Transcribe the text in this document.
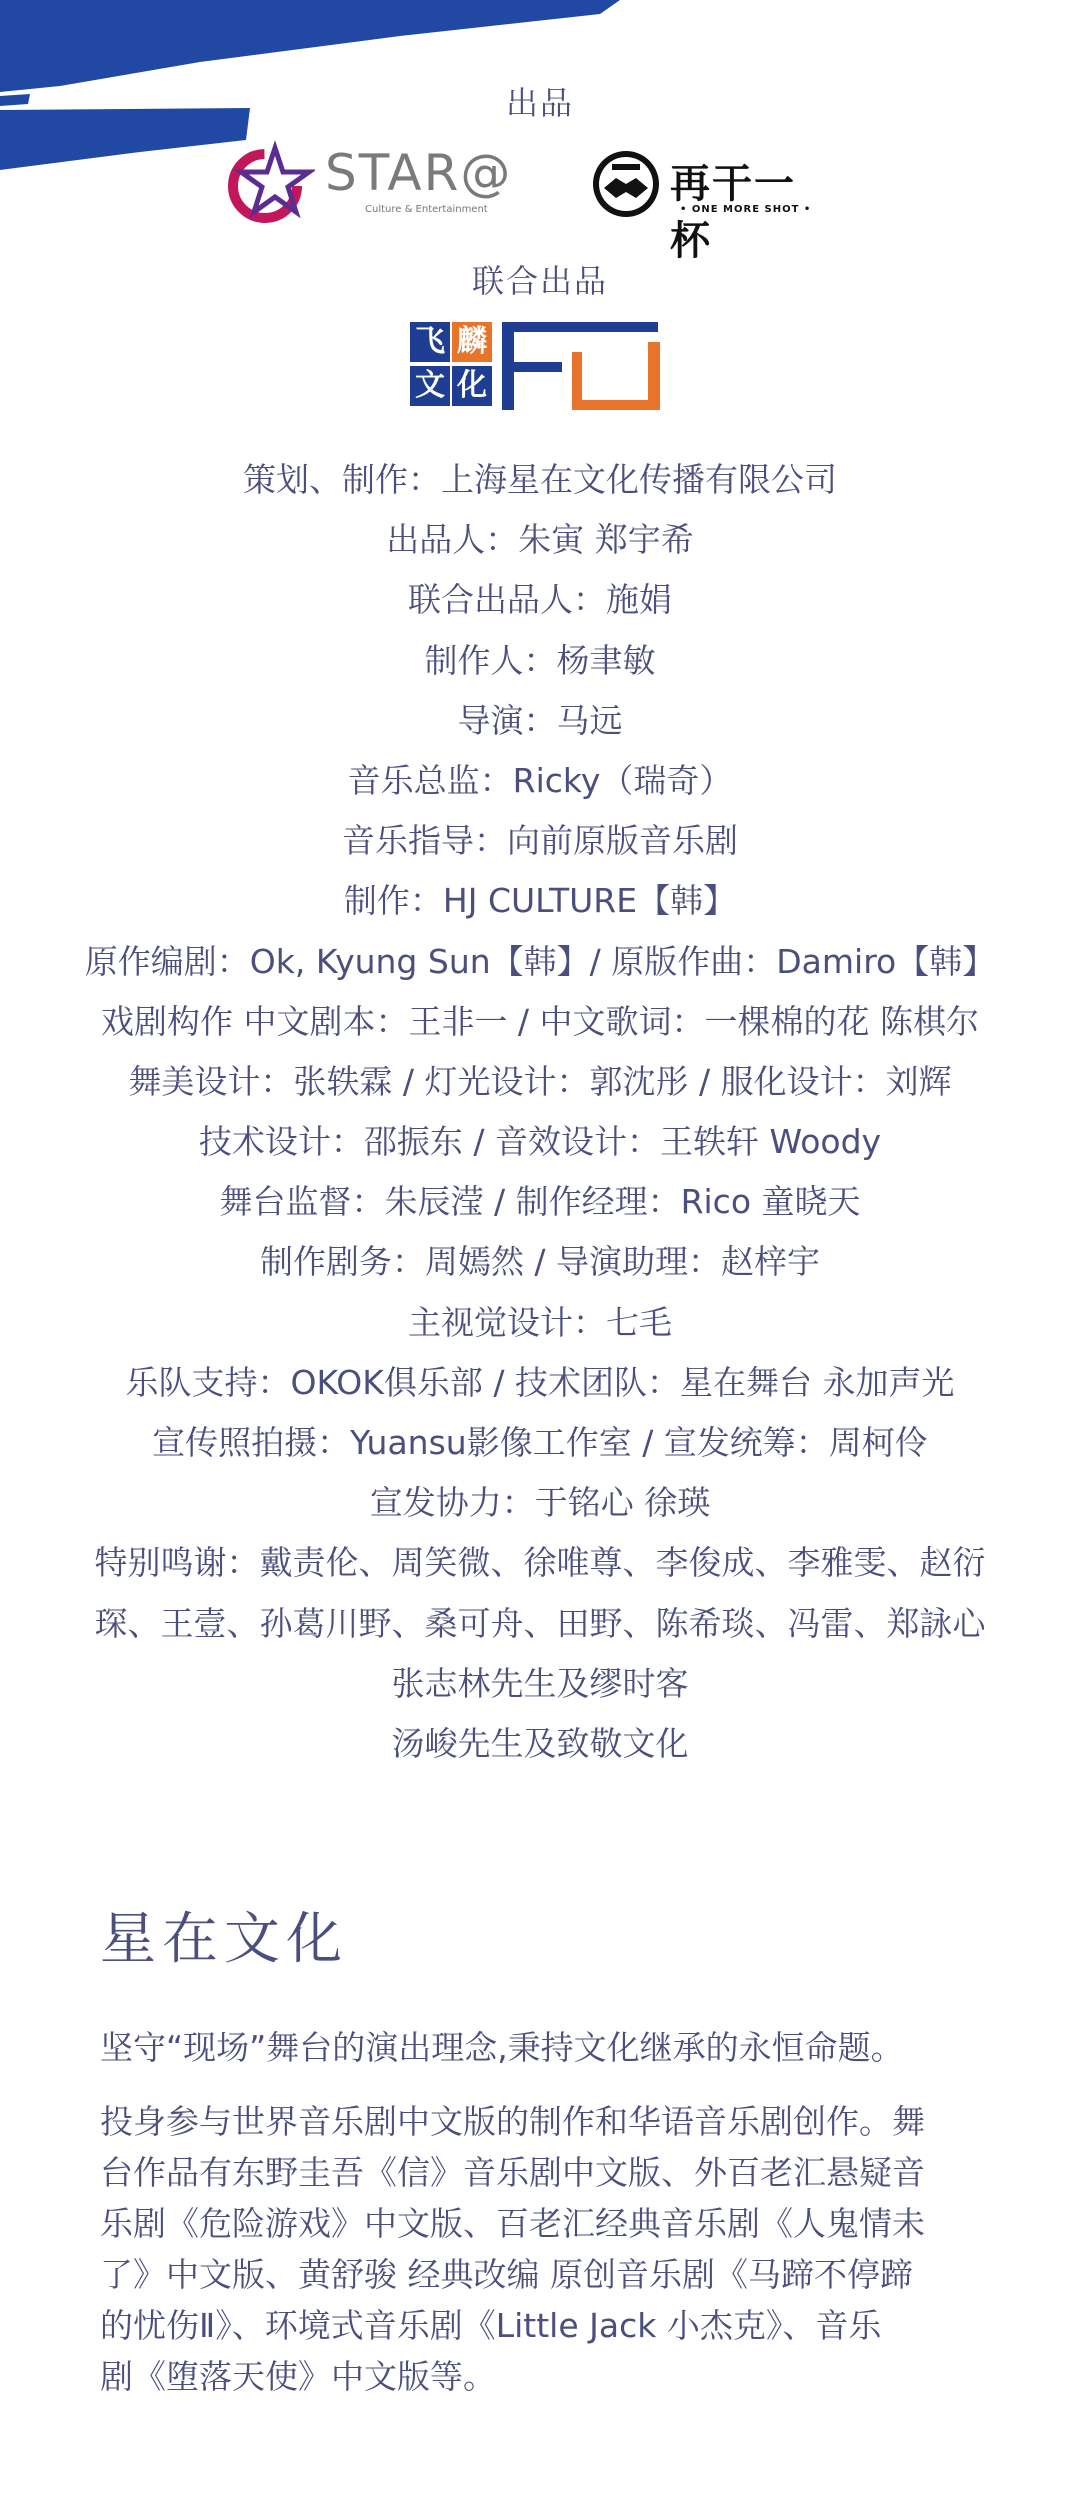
出品
STAR@
Culture & Entertainment
再干一杯
• ONE MORE SHOT •
联合出品
飞 麟
文 化
策划、制作：上海星在文化传播有限公司
出品人：朱寅 郑宇希
联合出品人：施娟
制作人：杨聿敏
导演：马远
音乐总监：Ricky（瑞奇）
音乐指导：向前原版音乐剧
制作：HJ CULTURE【韩】
原作编剧：Ok, Kyung Sun【韩】/ 原版作曲：Damiro【韩】
戏剧构作 中文剧本：王非一 / 中文歌词：一棵棉的花 陈棋尔
舞美设计：张轶霖 / 灯光设计：郭沈彤 / 服化设计：刘辉
技术设计：邵振东 / 音效设计：王轶轩 Woody
舞台监督：朱辰滢 / 制作经理：Rico 童晓天
制作剧务：周嫣然 / 导演助理：赵梓宇
主视觉设计：七毛
乐队支持：OKOK俱乐部 / 技术团队：星在舞台 永加声光
宣传照拍摄：Yuansu影像工作室 / 宣发统筹：周柯伶
宣发协力：于铭心 徐瑛
特别鸣谢：戴责伦、周笑微、徐唯尊、李俊成、李雅雯、赵衍
琛、王壹、孙葛川野、桑可舟、田野、陈希琰、冯雷、郑詠心
张志林先生及缪时客
汤峻先生及致敬文化
星在文化
坚守“现场”舞台的演出理念,秉持文化继承的永恒命题。
投身参与世界音乐剧中文版的制作和华语音乐剧创作。舞
台作品有东野圭吾《信》音乐剧中文版、外百老汇悬疑音
乐剧《危险游戏》中文版、百老汇经典音乐剧《人鬼情未
了》中文版、黄舒骏 经典改编 原创音乐剧《马蹄不停蹄
的忧伤Ⅱ》、环境式音乐剧《Little Jack 小杰克》、音乐
剧《堕落天使》中文版等。
